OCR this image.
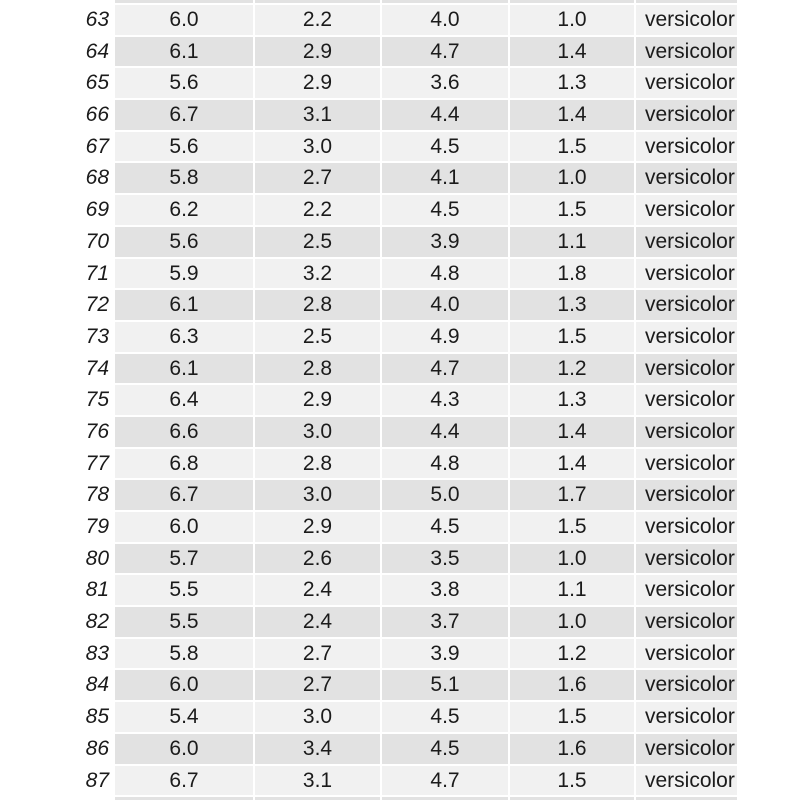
63	6.0	2.2	4.0	1.0	versicolor
64	6.1	2.9	4.7	1.4	versicolor
65	5.6	2.9	3.6	1.3	versicolor
66	6.7	3.1	4.4	1.4	versicolor
67	5.6	3.0	4.5	1.5	versicolor
68	5.8	2.7	4.1	1.0	versicolor
69	6.2	2.2	4.5	1.5	versicolor
70	5.6	2.5	3.9	1.1	versicolor
71	5.9	3.2	4.8	1.8	versicolor
72	6.1	2.8	4.0	1.3	versicolor
73	6.3	2.5	4.9	1.5	versicolor
74	6.1	2.8	4.7	1.2	versicolor
75	6.4	2.9	4.3	1.3	versicolor
76	6.6	3.0	4.4	1.4	versicolor
77	6.8	2.8	4.8	1.4	versicolor
78	6.7	3.0	5.0	1.7	versicolor
79	6.0	2.9	4.5	1.5	versicolor
80	5.7	2.6	3.5	1.0	versicolor
81	5.5	2.4	3.8	1.1	versicolor
82	5.5	2.4	3.7	1.0	versicolor
83	5.8	2.7	3.9	1.2	versicolor
84	6.0	2.7	5.1	1.6	versicolor
85	5.4	3.0	4.5	1.5	versicolor
86	6.0	3.4	4.5	1.6	versicolor
87	6.7	3.1	4.7	1.5	versicolor
